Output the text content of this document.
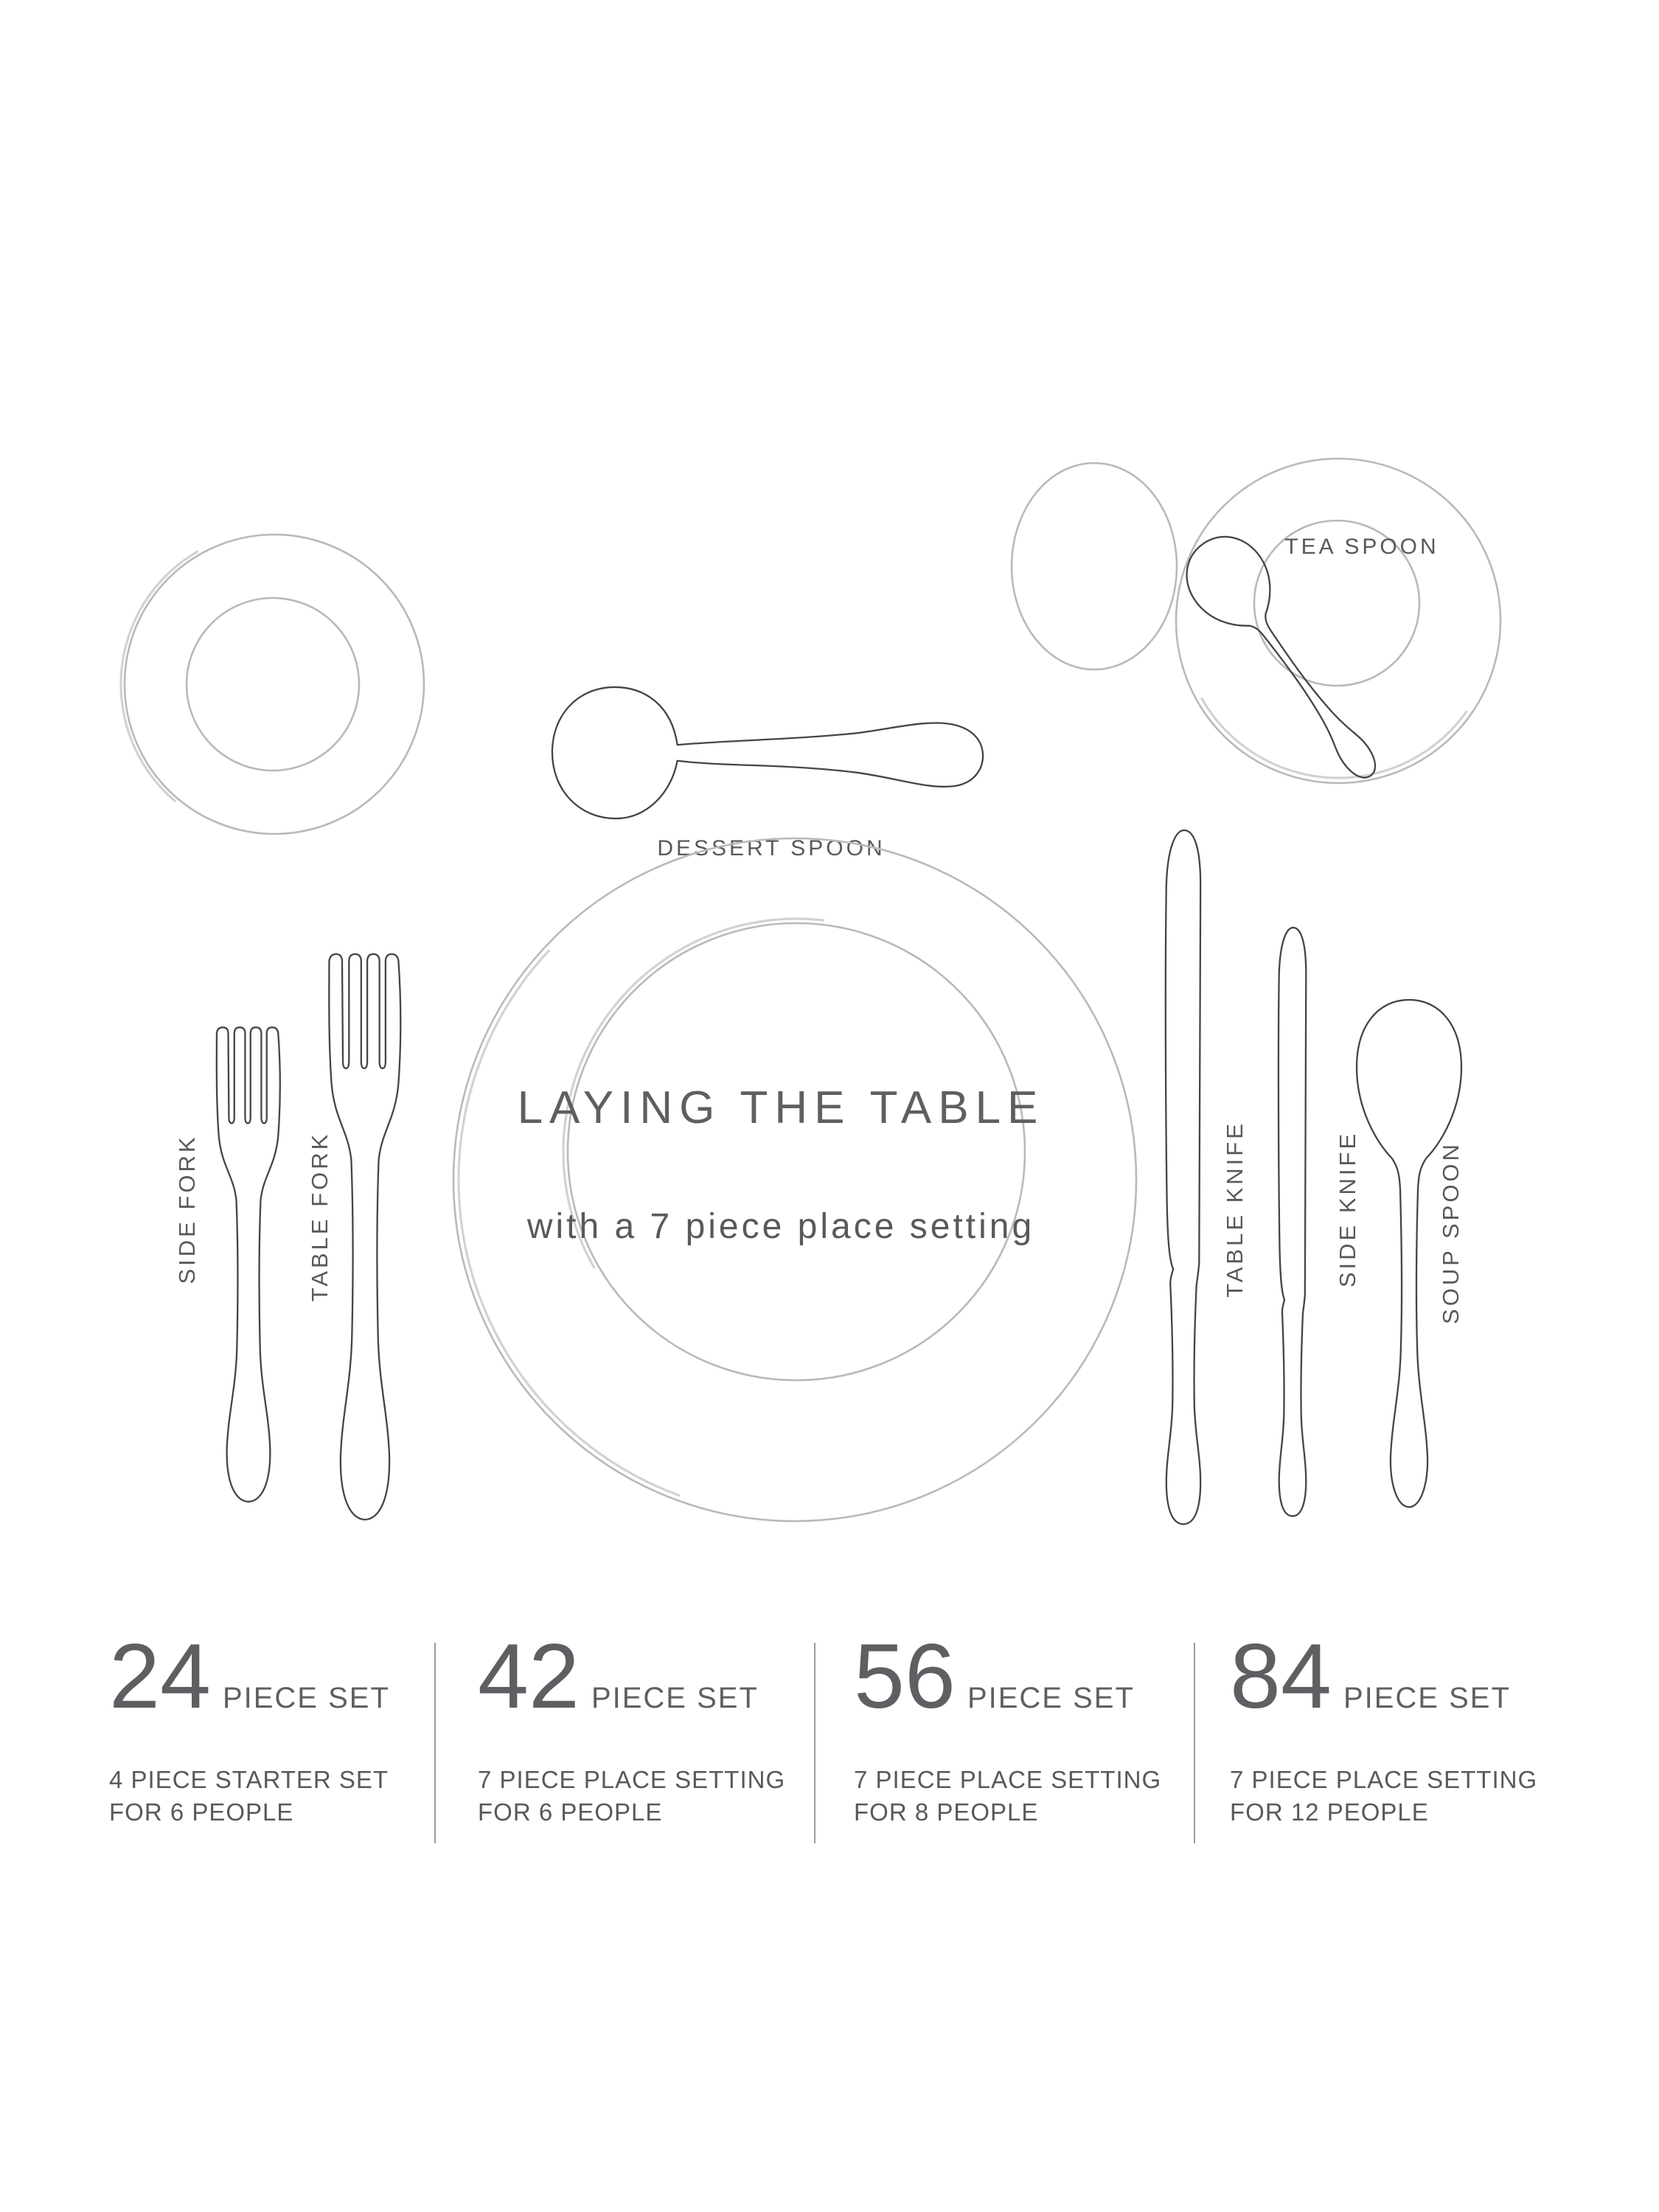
DESSERT SPOON
TEA SPOON
LAYING THE TABLE
with a 7 piece place setting
SIDE FORK	TABLE FORK	TABLE KNIFE	SIDE KNIFE	SOUP SPOON
24 PIECE SET
4 PIECE STARTER SET
FOR 6 PEOPLE
42 PIECE SET
7 PIECE PLACE SETTING
FOR 6 PEOPLE
56 PIECE SET
7 PIECE PLACE SETTING
FOR 8 PEOPLE
84 PIECE SET
7 PIECE PLACE SETTING
FOR 12 PEOPLE
